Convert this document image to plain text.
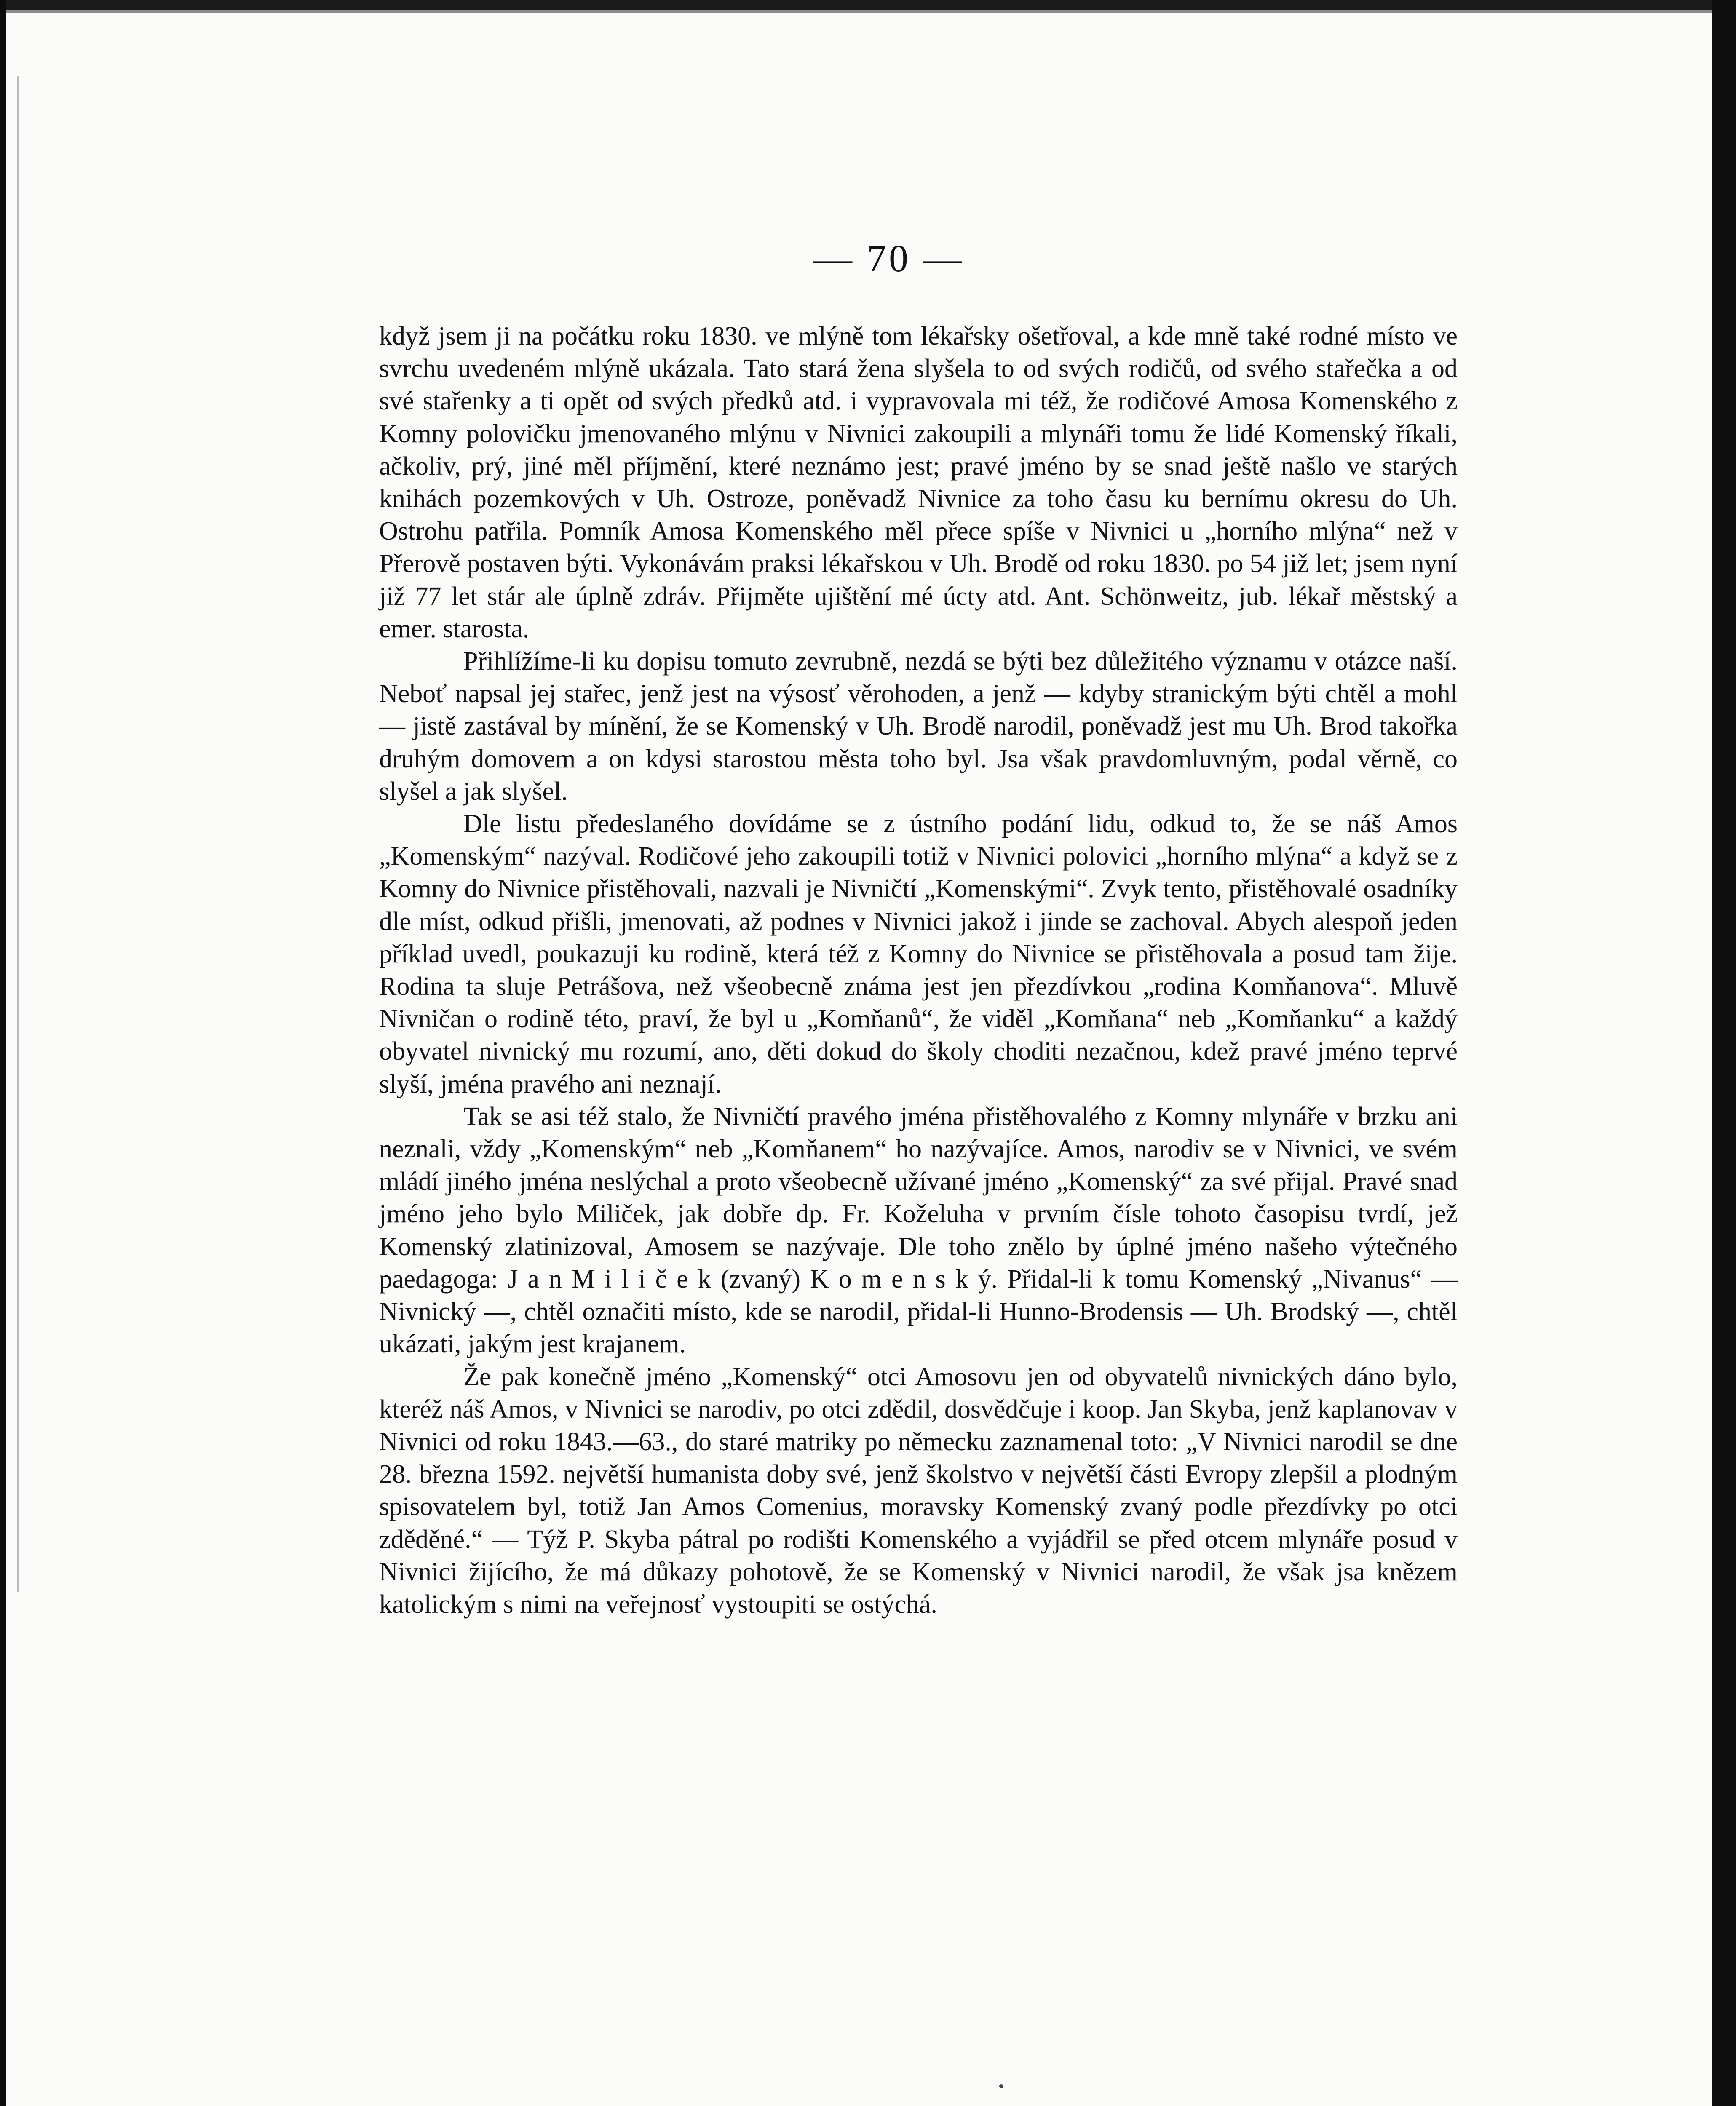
— 70 —

když jsem ji na počátku roku 1830. ve mlýně tom lékařsky ošetřoval, a kde mně také rodné místo ve svrchu uvedeném mlýně ukázala. Tato stará žena slyšela to od svých rodičů, od svého stařečka a od své stařenky a ti opět od svých předků atd. i vypravovala mi též, že rodičové Amosa Komenského z Komny polovičku jmenovaného mlýnu v Nivnici zakoupili a mlynáři tomu že lidé Komenský říkali, ačkoliv, prý, jiné měl příjmění, které neznámo jest; pravé jméno by se snad ještě našlo ve starých knihách pozemkových v Uh. Ostroze, poněvadž Nivnice za toho času ku bernímu okresu do Uh. Ostrohu patřila. Pomník Amosa Komenského měl přece spíše v Nivnici u „horního mlýna“ než v Přerově postaven býti. Vykonávám praksi lékařskou v Uh. Brodě od roku 1830. po 54 již let; jsem nyní již 77 let stár ale úplně zdráv. Přijměte ujištění mé úcty atd. Ant. Schönweitz, jub. lékař městský a emer. starosta.

Přihlížíme-li ku dopisu tomuto zevrubně, nezdá se býti bez důležitého významu v otázce naší. Neboť napsal jej stařec, jenž jest na výsosť věrohoden, a jenž — kdyby stranickým býti chtěl a mohl — jistě zastával by mínění, že se Komenský v Uh. Brodě narodil, poněvadž jest mu Uh. Brod takořka druhým domovem a on kdysi starostou města toho byl. Jsa však pravdomluvným, podal věrně, co slyšel a jak slyšel.

Dle listu předeslaného dovídáme se z ústního podání lidu, odkud to, že se náš Amos „Komenským“ nazýval. Rodičové jeho zakoupili totiž v Nivnici polovici „horního mlýna“ a když se z Komny do Nivnice přistěhovali, nazvali je Nivničtí „Komenskými“. Zvyk tento, přistěhovalé osadníky dle míst, odkud přišli, jmenovati, až podnes v Nivnici jakož i jinde se zachoval. Abych alespoň jeden příklad uvedl, poukazuji ku rodině, která též z Komny do Nivnice se přistěhovala a posud tam žije. Rodina ta sluje Petrášova, než všeobecně známa jest jen přezdívkou „rodina Komňanova“. Mluvě Nivničan o rodině této, praví, že byl u „Komňanů“, že viděl „Komňana“ neb „Komňanku“ a každý obyvatel nivnický mu rozumí, ano, děti dokud do školy choditi nezačnou, kdež pravé jméno teprvé slyší, jména pravého ani neznají.

Tak se asi též stalo, že Nivničtí pravého jména přistěhovalého z Komny mlynáře v brzku ani neznali, vždy „Komenským“ neb „Komňanem“ ho nazývajíce. Amos, narodiv se v Nivnici, ve svém mládí jiného jména neslýchal a proto všeobecně užívané jméno „Komenský“ za své přijal. Pravé snad jméno jeho bylo Miliček, jak dobře dp. Fr. Koželuha v prvním čísle tohoto časopisu tvrdí, jež Komenský zlatinizoval, Amosem se nazývaje. Dle toho znělo by úplné jméno našeho výtečného paedagoga: J a n M i l i č e k (zvaný) K o m e n s k ý. Přidal-li k tomu Komenský „Nivanus“ — Nivnický —, chtěl označiti místo, kde se narodil, přidal-li Hunno-Brodensis — Uh. Brodský —, chtěl ukázati, jakým jest krajanem.

Že pak konečně jméno „Komenský“ otci Amosovu jen od obyvatelů nivnických dáno bylo, kteréž náš Amos, v Nivnici se narodiv, po otci zdědil, dosvědčuje i koop. Jan Skyba, jenž kaplanovav v Nivnici od roku 1843.—63., do staré matriky po německu zaznamenal toto: „V Nivnici narodil se dne 28. března 1592. největší humanista doby své, jenž školstvo v největší části Evropy zlepšil a plodným spisovatelem byl, totiž Jan Amos Comenius, moravsky Komenský zvaný podle přezdívky po otci zděděné.“ — Týž P. Skyba pátral po rodišti Komenského a vyjádřil se před otcem mlynáře posud v Nivnici žijícího, že má důkazy pohotově, že se Komenský v Nivnici narodil, že však jsa knězem katolickým s nimi na veřejnosť vystoupiti se ostýchá.
